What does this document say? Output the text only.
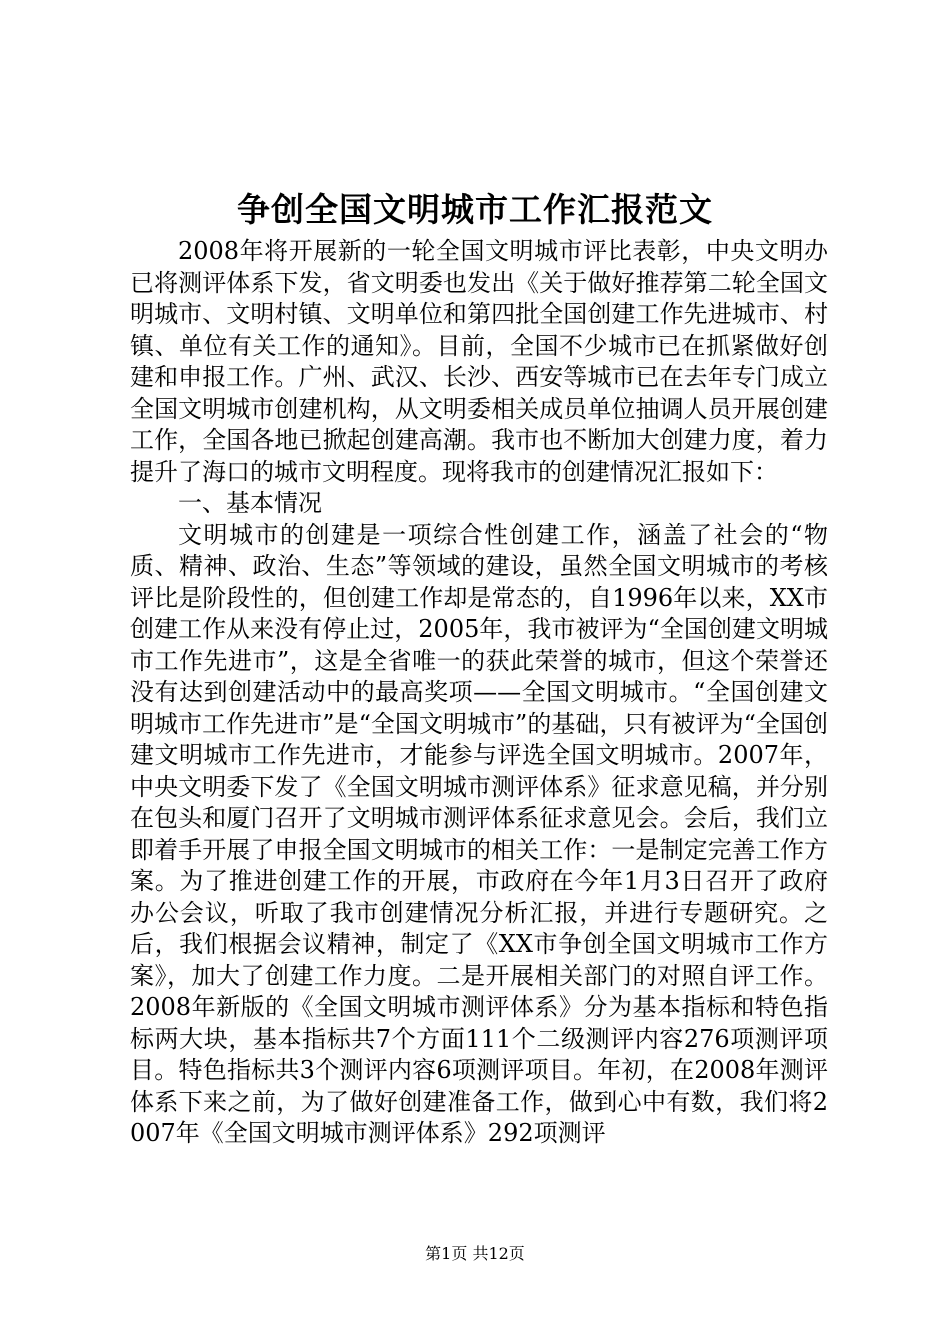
争创全国文明城市工作汇报范文

2008年将开展新的一轮全国文明城市评比表彰，中央文明办已将测评体系下发，省文明委也发出《关于做好推荐第二轮全国文明城市、文明村镇、文明单位和第四批全国创建工作先进城市、村镇、单位有关工作的通知》。目前，全国不少城市已在抓紧做好创建和申报工作。广州、武汉、长沙、西安等城市已在去年专门成立全国文明城市创建机构，从文明委相关成员单位抽调人员开展创建工作，全国各地已掀起创建高潮。我市也不断加大创建力度，着力提升了海口的城市文明程度。现将我市的创建情况汇报如下：

一、基本情况

文明城市的创建是一项综合性创建工作，涵盖了社会的“物质、精神、政治、生态”等领域的建设，虽然全国文明城市的考核评比是阶段性的，但创建工作却是常态的，自1996年以来，XX市创建工作从来没有停止过，2005年，我市被评为“全国创建文明城市工作先进市”，这是全省唯一的获此荣誉的城市，但这个荣誉还没有达到创建活动中的最高奖项——全国文明城市。“全国创建文明城市工作先进市”是“全国文明城市”的基础，只有被评为“全国创建文明城市工作先进市，才能参与评选全国文明城市。2007年，中央文明委下发了《全国文明城市测评体系》征求意见稿，并分别在包头和厦门召开了文明城市测评体系征求意见会。会后，我们立即着手开展了申报全国文明城市的相关工作：一是制定完善工作方案。为了推进创建工作的开展，市政府在今年1月3日召开了政府办公会议，听取了我市创建情况分析汇报，并进行专题研究。之后，我们根据会议精神，制定了《XX市争创全国文明城市工作方案》，加大了创建工作力度。二是开展相关部门的对照自评工作。2008年新版的《全国文明城市测评体系》分为基本指标和特色指标两大块，基本指标共7个方面111个二级测评内容276项测评项目。特色指标共3个测评内容6项测评项目。年初，在2008年测评体系下来之前，为了做好创建准备工作，做到心中有数，我们将2007年《全国文明城市测评体系》292项测评

第1页 共12页
